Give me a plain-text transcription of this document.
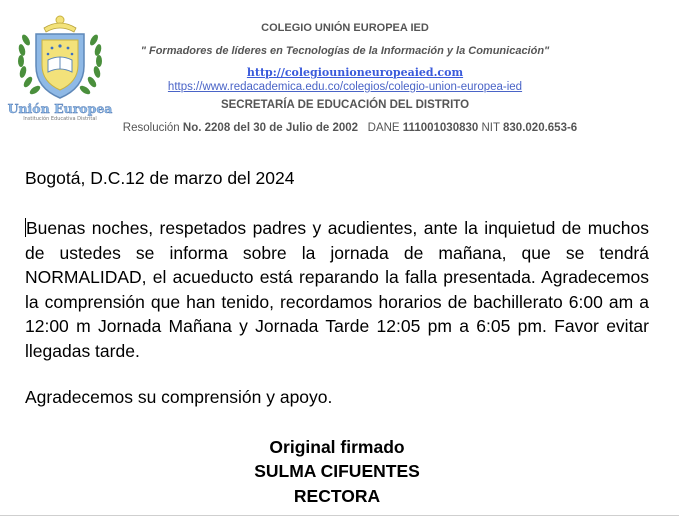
Unión Europea
Institución Educativa Distrital
COLEGIO UNIÓN EUROPEA IED
" Formadores de líderes en Tecnologías de la Información y la Comunicación"
http://colegiounioneuropeaied.com
https://www.redacademica.edu.co/colegios/colegio-union-europea-ied
SECRETARÍA DE EDUCACIÓN DEL DISTRITO
Resolución No. 2208 del 30 de Julio de 2002 DANE 111001030830 NIT 830.020.653-6
Bogotá, D.C.12 de marzo del 2024
Buenas noches, respetados padres y acudientes, ante la inquietud de muchos de ustedes se informa sobre la jornada de mañana, que se tendrá NORMALIDAD, el acueducto está reparando la falla presentada. Agradecemos la comprensión que han tenido, recordamos horarios de bachillerato 6:00 am a 12:00 m Jornada Mañana y Jornada Tarde 12:05 pm a 6:05 pm. Favor evitar llegadas tarde.
Agradecemos su comprensión y apoyo.
Original firmado
SULMA CIFUENTES
RECTORA
